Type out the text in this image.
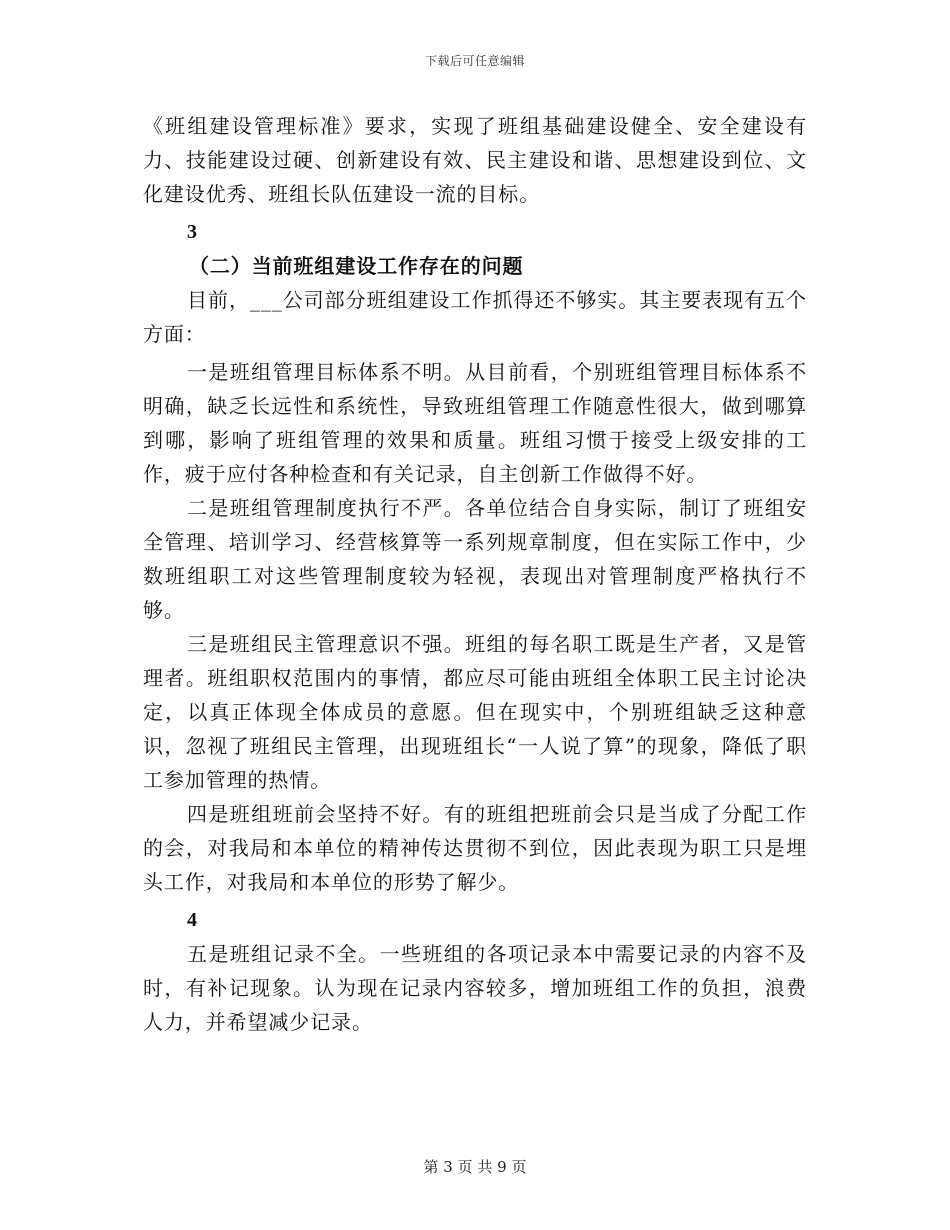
下载后可任意编辑

《班组建设管理标准》要求，实现了班组基础建设健全、安全建设有力、技能建设过硬、创新建设有效、民主建设和谐、思想建设到位、文化建设优秀、班组长队伍建设一流的目标。

3

（二）当前班组建设工作存在的问题

目前，___公司部分班组建设工作抓得还不够实。其主要表现有五个方面：

一是班组管理目标体系不明。从目前看，个别班组管理目标体系不明确，缺乏长远性和系统性，导致班组管理工作随意性很大，做到哪算到哪，影响了班组管理的效果和质量。班组习惯于接受上级安排的工作，疲于应付各种检查和有关记录，自主创新工作做得不好。

二是班组管理制度执行不严。各单位结合自身实际，制订了班组安全管理、培训学习、经营核算等一系列规章制度，但在实际工作中，少数班组职工对这些管理制度较为轻视，表现出对管理制度严格执行不够。

三是班组民主管理意识不强。班组的每名职工既是生产者，又是管理者。班组职权范围内的事情，都应尽可能由班组全体职工民主讨论决定，以真正体现全体成员的意愿。但在现实中，个别班组缺乏这种意识，忽视了班组民主管理，出现班组长“一人说了算”的现象，降低了职工参加管理的热情。

四是班组班前会坚持不好。有的班组把班前会只是当成了分配工作的会，对我局和本单位的精神传达贯彻不到位，因此表现为职工只是埋头工作，对我局和本单位的形势了解少。

4

五是班组记录不全。一些班组的各项记录本中需要记录的内容不及时，有补记现象。认为现在记录内容较多，增加班组工作的负担，浪费人力，并希望减少记录。

第 3 页 共 9 页
